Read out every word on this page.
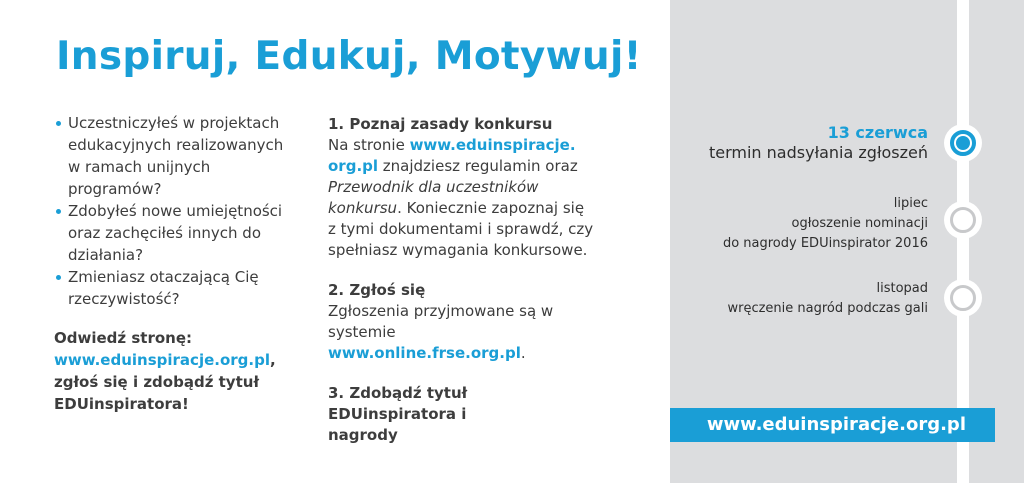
Inspiruj, Edukuj, Motywuj!
Uczestniczyłeś w projektach edukacyjnych realizowanych w ramach unijnych programów?
Zdobyłeś nowe umiejętności oraz zachęciłeś innych do działania?
Zmieniasz otaczającą Cię rzeczywistość?
Odwiedź stronę:
www.eduinspiracje.org.pl,
zgłoś się i zdobądź tytuł EDUinspiratora!

1. Poznaj zasady konkursu

Na stronie www.eduinspiracje.
org.pl znajdziesz regulamin oraz Przewodnik dla uczestników konkursu. Koniecznie zapoznaj się z tymi dokumentami i sprawdź, czy spełniasz wymagania konkursowe.

2. Zgłoś się

Zgłoszenia przyjmowane są w systemie
www.online.frse.org.pl.

3. Zdobądź tytuł EDUinspiratora i nagrody

13 czerwca
termin nadsyłania zgłoszeń
lipiec
ogłoszenie nominacji
do nagrody EDUinspirator 2016
listopad
wręczenie nagród podczas gali
www.eduinspiracje.org.pl
